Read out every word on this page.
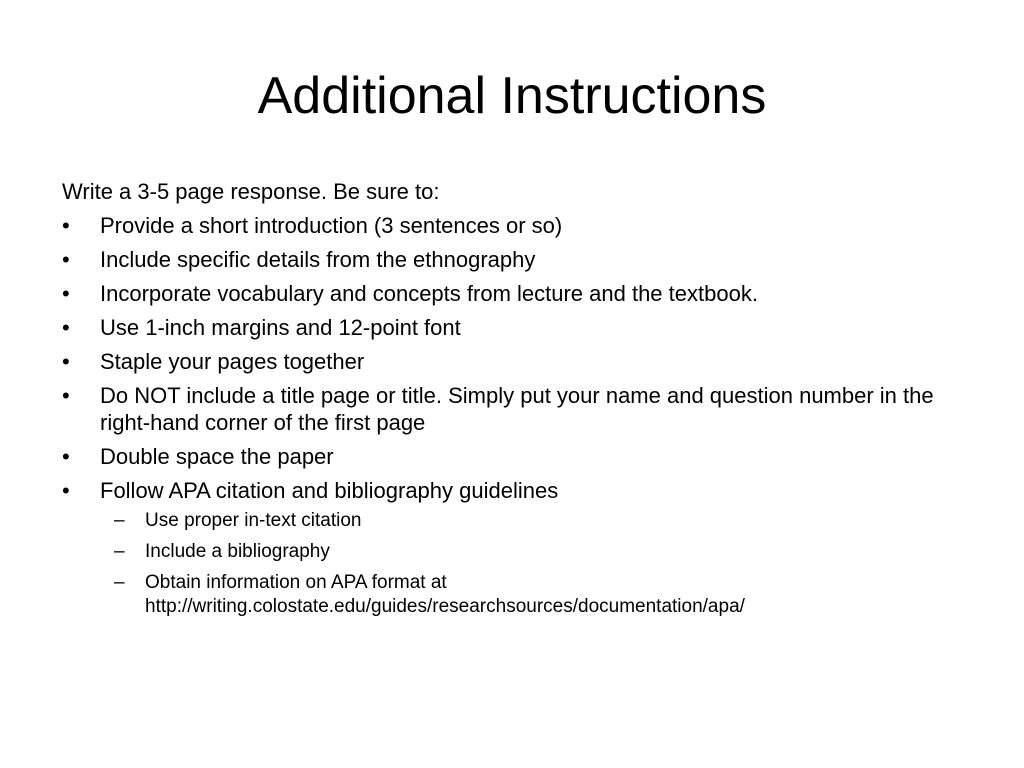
Additional Instructions

Write a 3-5 page response. Be sure to:

•	Provide a short introduction (3 sentences or so)
•	Include specific details from the ethnography
•	Incorporate vocabulary and concepts from lecture and the textbook.
•	Use 1-inch margins and 12-point font
•	Staple your pages together
•	Do NOT include a title page or title. Simply put your name and question number in the right-hand corner of the first page
•	Double space the paper
•	Follow APA citation and bibliography guidelines
– Use proper in-text citation
– Include a bibliography
– Obtain information on APA format at http://writing.colostate.edu/guides/researchsources/documentation/apa/
